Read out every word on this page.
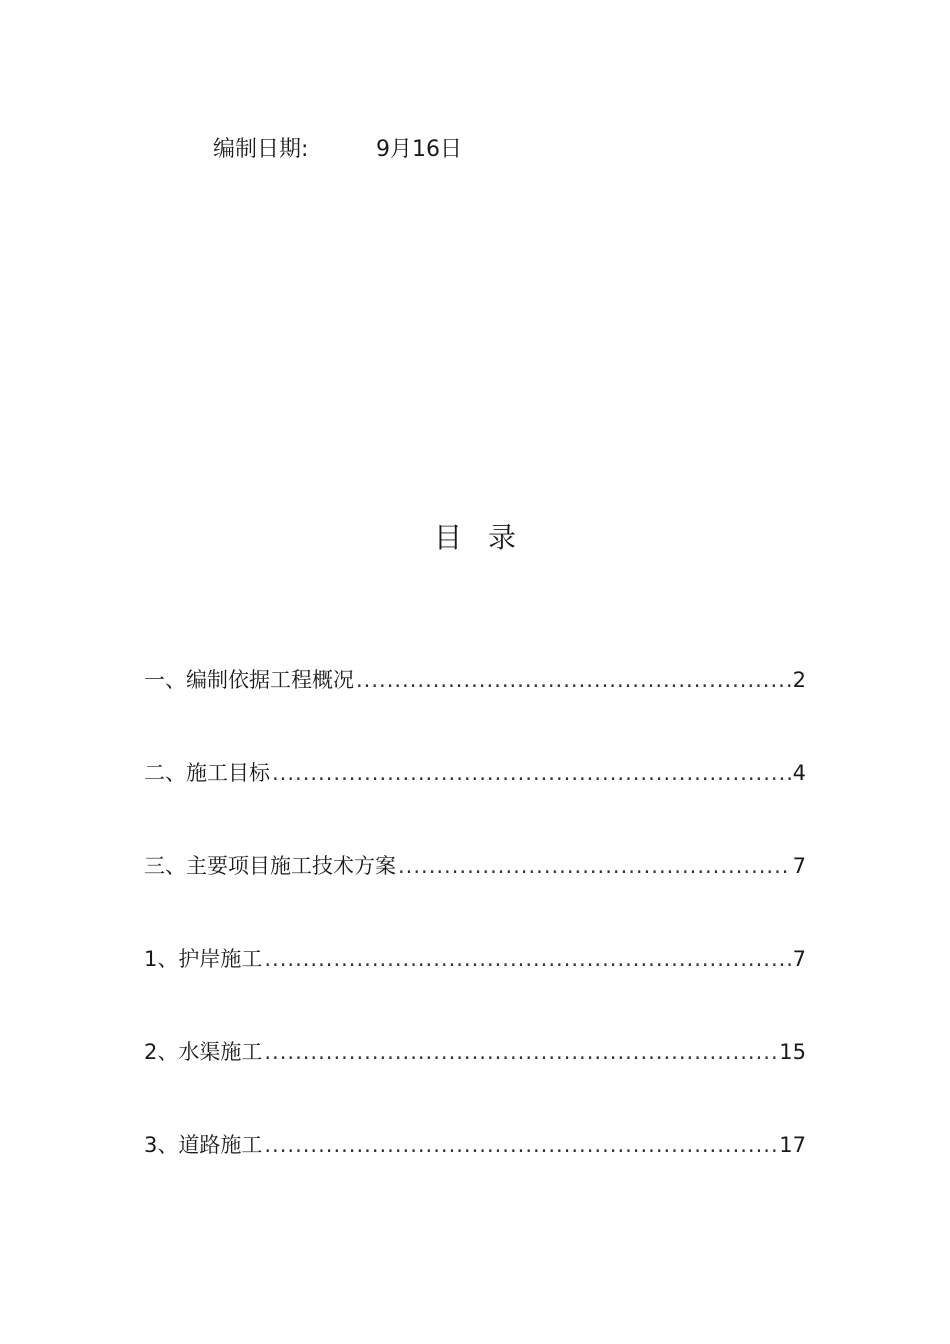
编制日期:	9月16日
目录
一、编制依据工程概况 .....	2
二、施工目标 .....	4
三、主要项目施工技术方案 .....	7
1、护岸施工 .....	7
2、水渠施工 .....	15
3、道路施工 .....	17
